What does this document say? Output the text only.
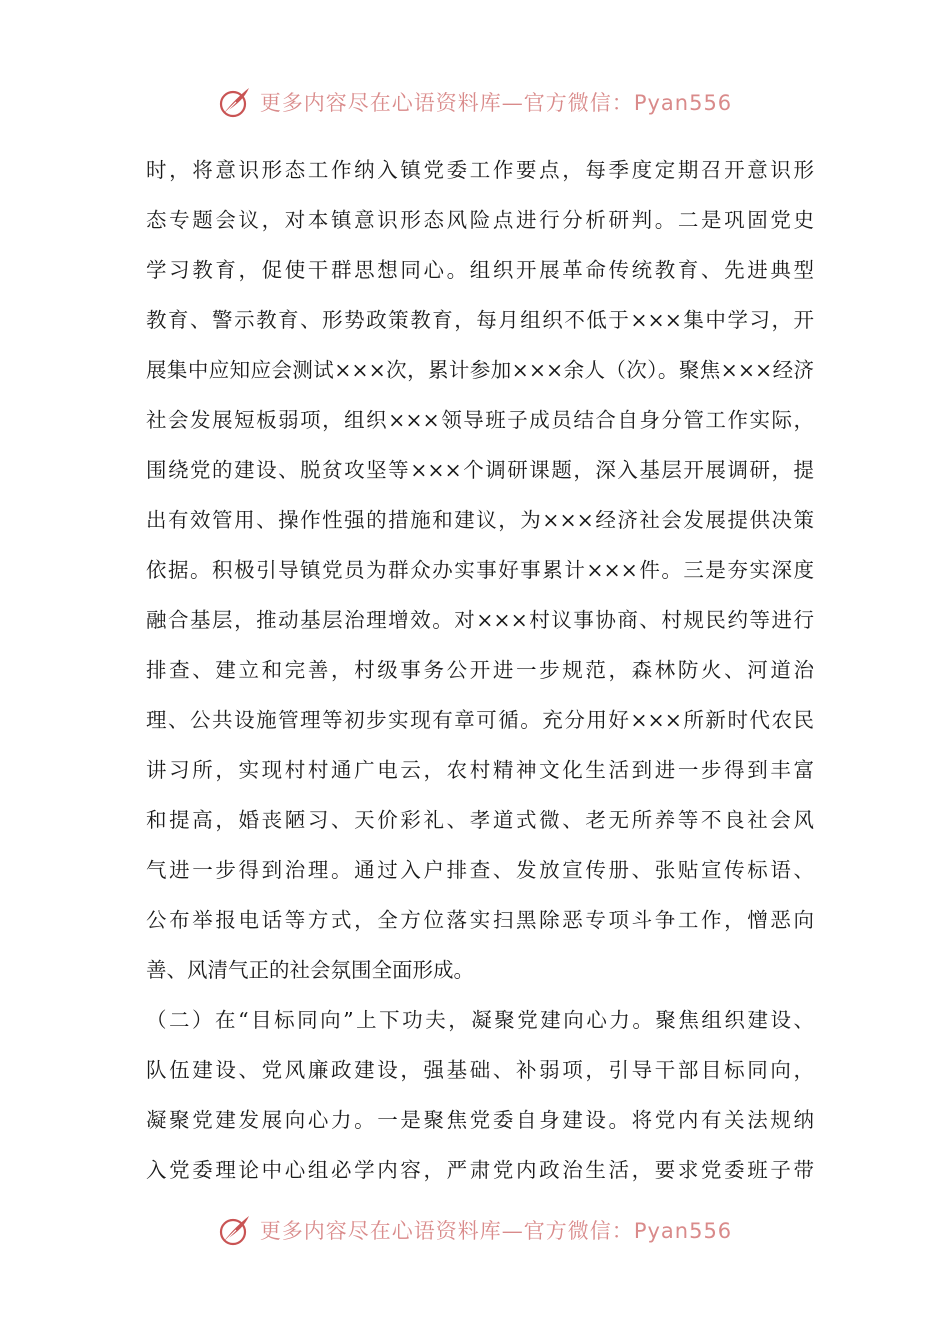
更多内容尽在心语资料库—官方微信：Pyan556
时，将意识形态工作纳入镇党委工作要点，每季度定期召开意识形
态专题会议，对本镇意识形态风险点进行分析研判。二是巩固党史
学习教育，促使干群思想同心。组织开展革命传统教育、先进典型
教育、警示教育、形势政策教育，每月组织不低于×××集中学习，开
展集中应知应会测试×××次，累计参加×××余人（次）。聚焦×××经济
社会发展短板弱项，组织×××领导班子成员结合自身分管工作实际，
围绕党的建设、脱贫攻坚等×××个调研课题，深入基层开展调研，提
出有效管用、操作性强的措施和建议，为×××经济社会发展提供决策
依据。积极引导镇党员为群众办实事好事累计×××件。三是夯实深度
融合基层，推动基层治理增效。对×××村议事协商、村规民约等进行
排查、建立和完善，村级事务公开进一步规范，森林防火、河道治
理、公共设施管理等初步实现有章可循。充分用好×××所新时代农民
讲习所，实现村村通广电云，农村精神文化生活到进一步得到丰富
和提高，婚丧陋习、天价彩礼、孝道式微、老无所养等不良社会风
气进一步得到治理。通过入户排查、发放宣传册、张贴宣传标语、
公布举报电话等方式，全方位落实扫黑除恶专项斗争工作，憎恶向
善、风清气正的社会氛围全面形成。
（二）在“目标同向”上下功夫，凝聚党建向心力。聚焦组织建设、
队伍建设、党风廉政建设，强基础、补弱项，引导干部目标同向，
凝聚党建发展向心力。一是聚焦党委自身建设。将党内有关法规纳
入党委理论中心组必学内容，严肃党内政治生活，要求党委班子带
更多内容尽在心语资料库—官方微信：Pyan556
